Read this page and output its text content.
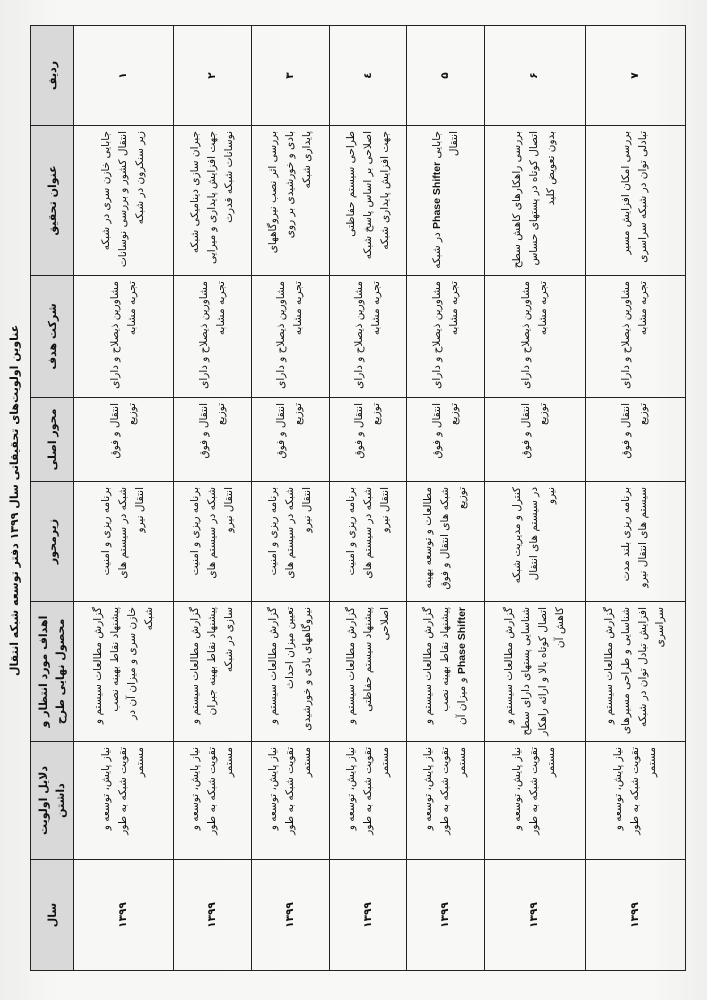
عناوین اولویت‌های تحقیقاتی سال ۱۳۹۹ دفتر توسعه شبکه انتقال
ردیف	عنوان تحقیق	شرکت هدف	محور اصلی	زیرمحور	اهداف مورد انتظار و محصول نهایی طرح	دلایل اولویت داشتن	سال
۱	جابایی خازن سری در شبکه انتقال کشور و بررسی نوسانات زیر سنکرون در شبکه	مشاورین ذیصلاح و دارای تجربه مشابه	انتقال و فوق توزیع	برنامه ریزی و امنیت شبکه در سیستم های انتقال نیرو	گزارش مطالعات سیستم و پیشنهاد نقاط بهینه نصب خازن سری و میزان آن در شبکه	نیاز پایش، توسعه و تقویت شبکه به طور مستمر	۱۳۹۹
۲	جبران سازی دینامیکی شبکه جهت افزایش پایداری و میرایی نوسانات شبکه قدرت	مشاورین ذیصلاح و دارای تجربه مشابه	انتقال و فوق توزیع	برنامه ریزی و امنیت شبکه در سیستم های انتقال نیرو	گزارش مطالعات سیستم و پیشنهاد نقاط بهینه جبران سازی در شبکه	نیاز پایش، توسعه و تقویت شبکه به طور مستمر	۱۳۹۹
۳	بررسی اثر نصب نیروگاههای بادی و خورشیدی بر روی پایداری شبکه	مشاورین ذیصلاح و دارای تجربه مشابه	انتقال و فوق توزیع	برنامه ریزی و امنیت شبکه در سیستم های انتقال نیرو	گزارش مطالعات سیستم و تعیین میزان احداث نیروگاههای بادی و خورشیدی	نیاز پایش، توسعه و تقویت شبکه به طور مستمر	۱۳۹۹
٤	طراحی سیستم حفاظتی اصلاحی بر اساس پاسخ شبکه جهت افزایش پایداری شبکه	مشاورین ذیصلاح و دارای تجربه مشابه	انتقال و فوق توزیع	برنامه ریزی و امنیت شبکه در سیستم های انتقال نیرو	گزارش مطالعات سیستم و پیشنهاد سیستم حفاظتی اصلاحی	نیاز پایش، توسعه و تقویت شبکه به طور مستمر	۱۳۹۹
۵	جابایی Phase Shifter در شبکه انتقال	مشاورین ذیصلاح و دارای تجربه مشابه	انتقال و فوق توزیع	مطالعات و توسعه بهینه شبکه های انتقال و فوق توزیع	گزارش مطالعات سیستم و پیشنهاد نقاط بهینه نصب Phase Shifter و میزان آن	نیاز پایش، توسعه و تقویت شبکه به طور مستمر	۱۳۹۹
۶	بررسی راهکارهای کاهش سطح اتصال کوتاه در پستهای حساس بدون تعویض کلید	مشاورین ذیصلاح و دارای تجربه مشابه	انتقال و فوق توزیع	کنترل و مدیریت شبکه در سیستم های انتقال نیرو	گزارش مطالعات سیستم و شناسایی پستهای دارای سطح اتصال کوتاه بالا و ارائه راهکار کاهش آن	نیاز پایش، توسعه و تقویت شبکه به طور مستمر	۱۳۹۹
۷	بررسی امکان افزایش مسیر تبادلی توان در شبکه سراسری	مشاورین ذیصلاح و دارای تجربه مشابه	انتقال و فوق توزیع	برنامه ریزی بلند مدت سیستم های انتقال نیرو	گزارش مطالعات سیستم و شناسایی و طراحی مسیرهای افزایش تبادل توان در شبکه سراسری	نیاز پایش، توسعه و تقویت شبکه به طور مستمر	۱۳۹۹
